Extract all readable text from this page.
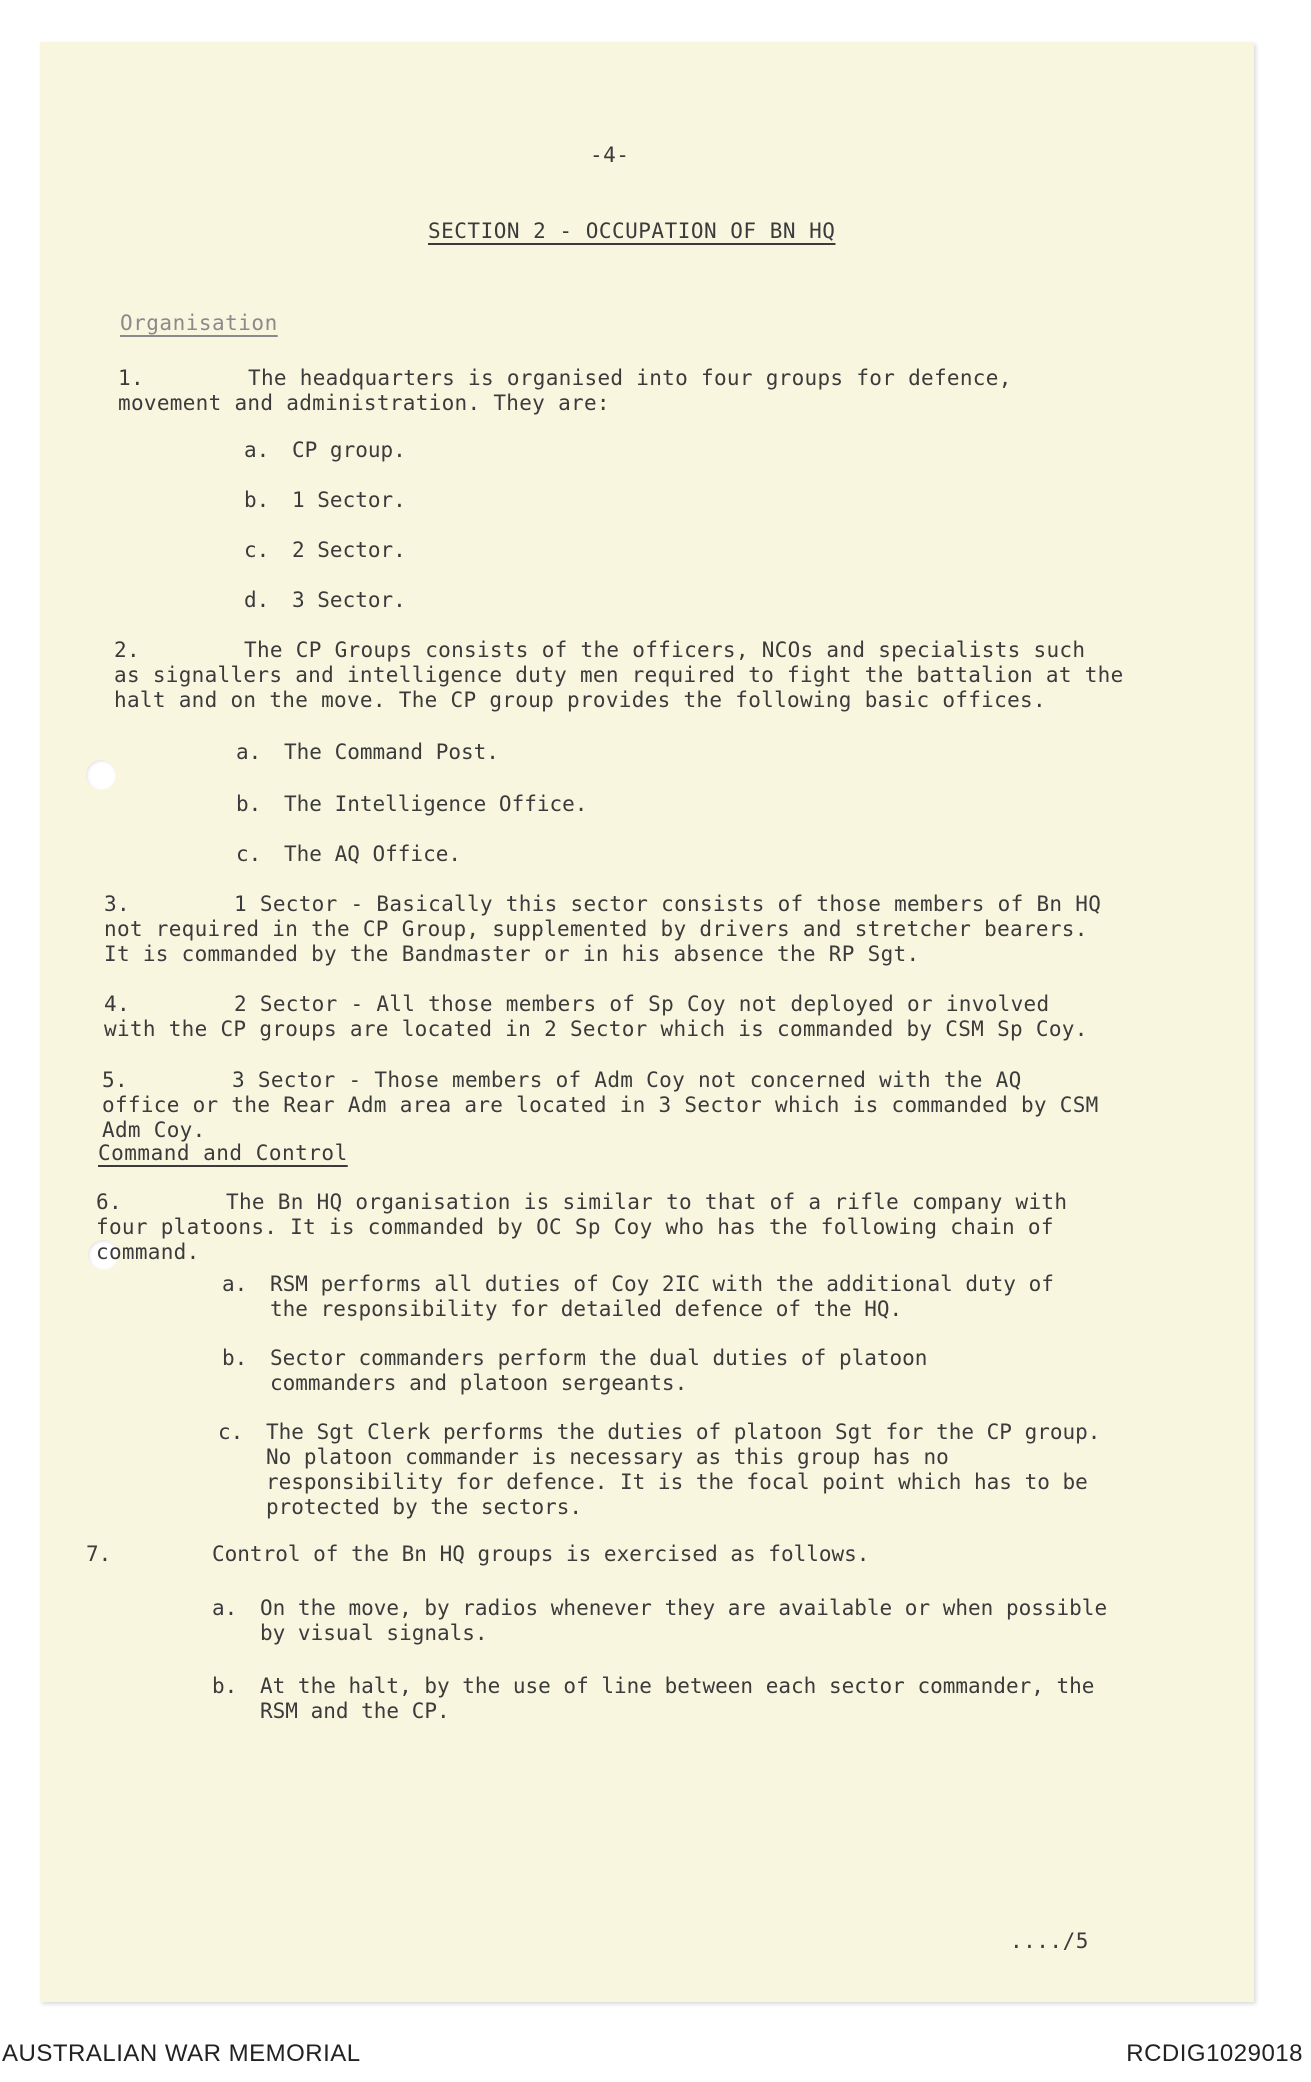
-4-
SECTION 2 - OCCUPATION OF BN HQ
Organisation
1.	The headquarters is organised into four groups for defence, movement and administration. They are:
a. CP group.
b. 1 Sector.
c. 2 Sector.
d. 3 Sector.
2.	The CP Groups consists of the officers, NCOs and specialists such as signallers and intelligence duty men required to fight the battalion at the halt and on the move. The CP group provides the following basic offices.
a. The Command Post.
b. The Intelligence Office.
c. The AQ Office.
3.	1 Sector - Basically this sector consists of those members of Bn HQ not required in the CP Group, supplemented by drivers and stretcher bearers. It is commanded by the Bandmaster or in his absence the RP Sgt.
4.	2 Sector - All those members of Sp Coy not deployed or involved with the CP groups are located in 2 Sector which is commanded by CSM Sp Coy.
5.	3 Sector - Those members of Adm Coy not concerned with the AQ office or the Rear Adm area are located in 3 Sector which is commanded by CSM Adm Coy.
Command and Control
6.	The Bn HQ organisation is similar to that of a rifle company with four platoons. It is commanded by OC Sp Coy who has the following chain of command.
a. RSM performs all duties of Coy 2IC with the additional duty of the responsibility for detailed defence of the HQ.
b. Sector commanders perform the dual duties of platoon commanders and platoon sergeants.
c. The Sgt Clerk performs the duties of platoon Sgt for the CP group. No platoon commander is necessary as this group has no responsibility for defence. It is the focal point which has to be protected by the sectors.
7.	Control of the Bn HQ groups is exercised as follows.
a. On the move, by radios whenever they are available or when possible by visual signals.
b. At the halt, by the use of line between each sector commander, the RSM and the CP.
..../5
AUSTRALIAN WAR MEMORIAL	RCDIG1029018
